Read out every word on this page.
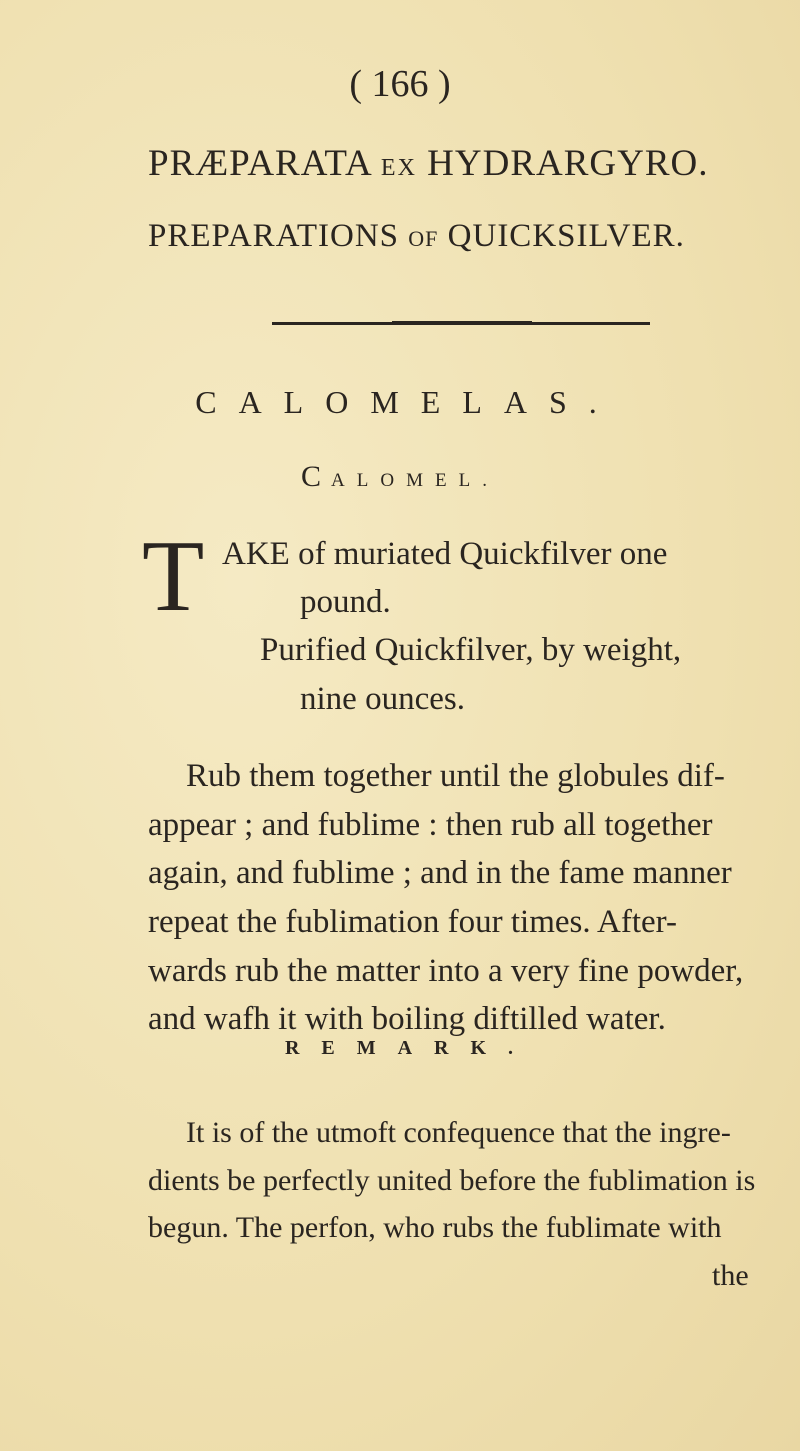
( 166 )
PRÆPARATA EX HYDRARGYRO.
PREPARATIONS OF QUICKSILVER.
CALOMELAS.
CALOMEL.
T AKE of muriated Quickfilver one
pound.
Purified Quickfilver, by weight,
nine ounces.
Rub them together until the globules dif-
appear ; and fublime : then rub all together
again, and fublime ; and in the fame manner
repeat the fublimation four times. After-
wards rub the matter into a very fine powder,
and wafh it with boiling diftilled water.
REMARK.
It is of the utmoft confequence that the ingre-
dients be perfectly united before the fublimation is
begun. The perfon, who rubs the fublimate with
the
